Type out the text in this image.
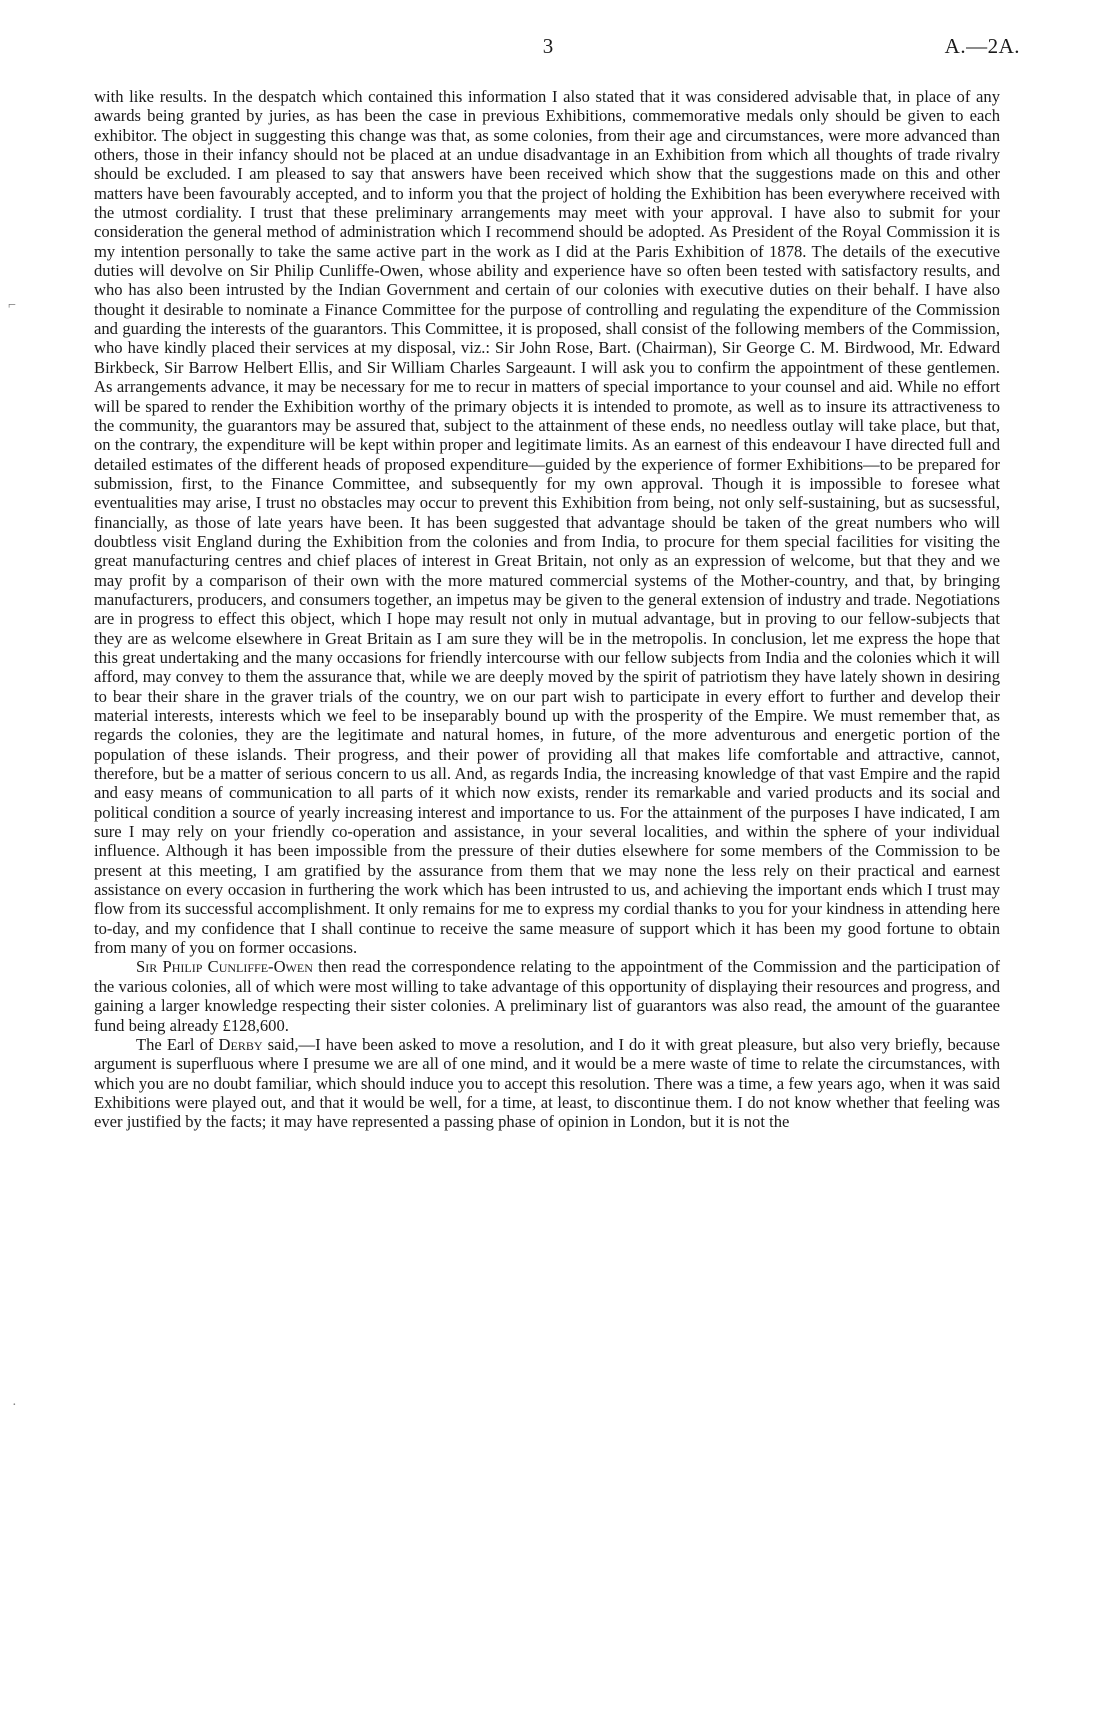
3	A.—2A.
⌐
·

with like results. In the despatch which contained this information I also stated that it was considered advisable that, in place of any awards being granted by juries, as has been the case in previous Exhibitions, commemorative medals only should be given to each exhibitor. The object in suggesting this change was that, as some colonies, from their age and circumstances, were more advanced than others, those in their infancy should not be placed at an undue disadvantage in an Exhibition from which all thoughts of trade rivalry should be excluded. I am pleased to say that answers have been received which show that the suggestions made on this and other matters have been favourably accepted, and to inform you that the project of holding the Exhibition has been everywhere received with the utmost cordiality. I trust that these preliminary arrangements may meet with your approval. I have also to submit for your consideration the general method of administration which I recommend should be adopted. As President of the Royal Commission it is my intention personally to take the same active part in the work as I did at the Paris Exhibition of 1878. The details of the executive duties will devolve on Sir Philip Cunliffe-Owen, whose ability and experience have so often been tested with satisfactory results, and who has also been intrusted by the Indian Government and certain of our colonies with executive duties on their behalf. I have also thought it desirable to nominate a Finance Committee for the purpose of controlling and regulating the expenditure of the Commission and guarding the interests of the guarantors. This Committee, it is proposed, shall consist of the following members of the Commission, who have kindly placed their services at my disposal, viz.: Sir John Rose, Bart. (Chairman), Sir George C. M. Birdwood, Mr. Edward Birkbeck, Sir Barrow Helbert Ellis, and Sir William Charles Sargeaunt. I will ask you to confirm the appointment of these gentlemen. As arrangements advance, it may be necessary for me to recur in matters of special importance to your counsel and aid. While no effort will be spared to render the Exhibition worthy of the primary objects it is intended to promote, as well as to insure its attractiveness to the community, the guarantors may be assured that, subject to the attainment of these ends, no needless outlay will take place, but that, on the contrary, the expenditure will be kept within proper and legitimate limits. As an earnest of this endeavour I have directed full and detailed estimates of the different heads of proposed expenditure—guided by the experience of former Exhibitions—to be prepared for submission, first, to the Finance Committee, and subsequently for my own approval. Though it is impossible to foresee what eventualities may arise, I trust no obstacles may occur to prevent this Exhibition from being, not only self-sustaining, but as sucsessful, financially, as those of late years have been. It has been suggested that advantage should be taken of the great numbers who will doubtless visit England during the Exhibition from the colonies and from India, to procure for them special facilities for visiting the great manufacturing centres and chief places of interest in Great Britain, not only as an expression of welcome, but that they and we may profit by a comparison of their own with the more matured commercial systems of the Mother-country, and that, by bringing manufacturers, producers, and consumers together, an impetus may be given to the general extension of industry and trade. Negotiations are in progress to effect this object, which I hope may result not only in mutual advantage, but in proving to our fellow-subjects that they are as welcome elsewhere in Great Britain as I am sure they will be in the metropolis. In conclusion, let me express the hope that this great undertaking and the many occasions for friendly intercourse with our fellow subjects from India and the colonies which it will afford, may convey to them the assurance that, while we are deeply moved by the spirit of patriotism they have lately shown in desiring to bear their share in the graver trials of the country, we on our part wish to participate in every effort to further and develop their material interests, interests which we feel to be inseparably bound up with the prosperity of the Empire. We must remember that, as regards the colonies, they are the legitimate and natural homes, in future, of the more adventurous and energetic portion of the population of these islands. Their progress, and their power of providing all that makes life comfortable and attractive, cannot, therefore, but be a matter of serious concern to us all. And, as regards India, the increasing knowledge of that vast Empire and the rapid and easy means of communication to all parts of it which now exists, render its remarkable and varied products and its social and political condition a source of yearly increasing interest and importance to us. For the attainment of the purposes I have indicated, I am sure I may rely on your friendly co-operation and assistance, in your several localities, and within the sphere of your individual influence. Although it has been impossible from the pressure of their duties elsewhere for some members of the Commission to be present at this meeting, I am gratified by the assurance from them that we may none the less rely on their practical and earnest assistance on every occasion in furthering the work which has been intrusted to us, and achieving the important ends which I trust may flow from its successful accomplishment. It only remains for me to express my cordial thanks to you for your kindness in attending here to-day, and my confidence that I shall continue to receive the same measure of support which it has been my good fortune to obtain from many of you on former occasions.

Sir Philip Cunliffe-Owen then read the correspondence relating to the appointment of the Commission and the participation of the various colonies, all of which were most willing to take advantage of this opportunity of displaying their resources and progress, and gaining a larger knowledge respecting their sister colonies. A preliminary list of guarantors was also read, the amount of the guarantee fund being already £128,600.

The Earl of Derby said,—I have been asked to move a resolution, and I do it with great pleasure, but also very briefly, because argument is superfluous where I presume we are all of one mind, and it would be a mere waste of time to relate the circumstances, with which you are no doubt familiar, which should induce you to accept this resolution. There was a time, a few years ago, when it was said Exhibitions were played out, and that it would be well, for a time, at least, to discontinue them. I do not know whether that feeling was ever justified by the facts; it may have represented a passing phase of opinion in London, but it is not the
